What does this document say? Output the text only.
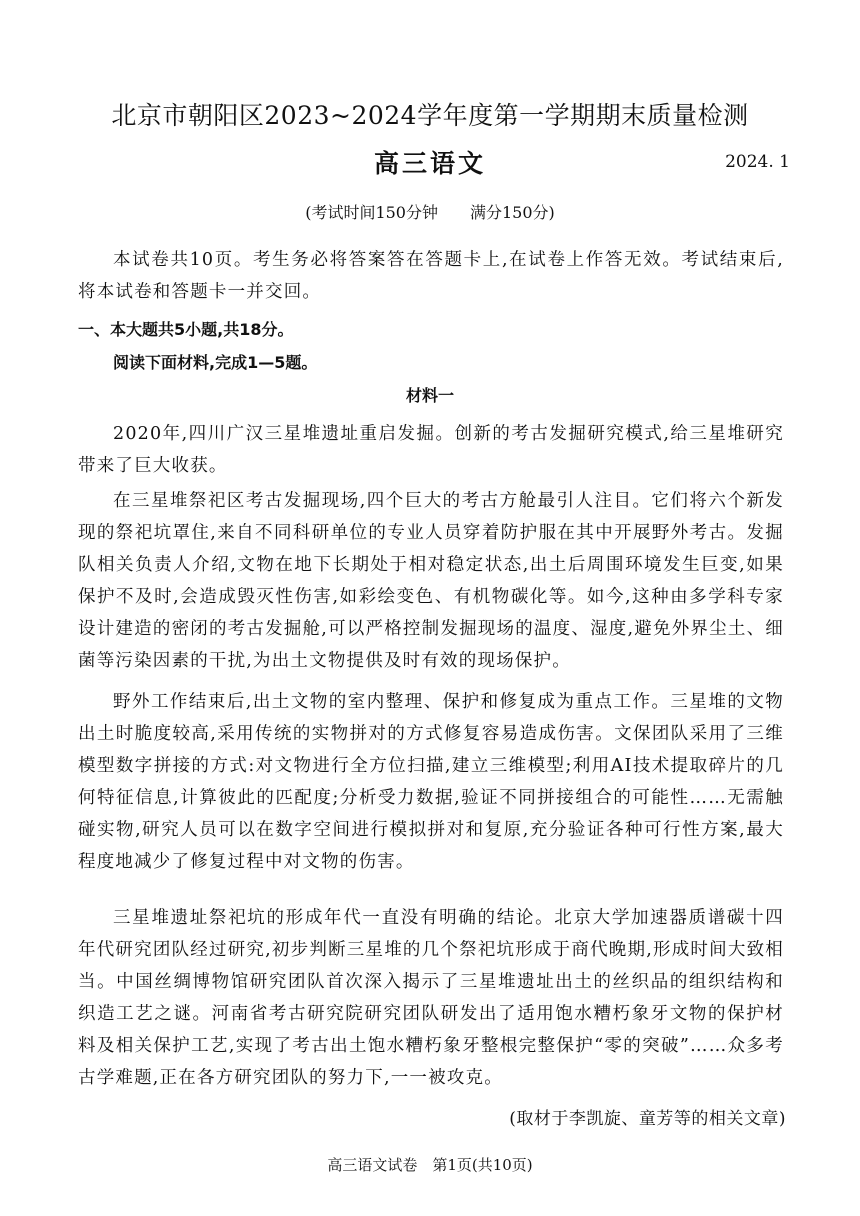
北京市朝阳区2023~2024学年度第一学期期末质量检测
高三语文	2024. 1
(考试时间150分钟　　满分150分)

本试卷共10页。考生务必将答案答在答题卡上,在试卷上作答无效。考试结束后,将本试卷和答题卡一并交回。

一、本大题共5小题,共18分。
阅读下面材料,完成1—5题。
材料一

2020年,四川广汉三星堆遗址重启发掘。创新的考古发掘研究模式,给三星堆研究带来了巨大收获。

在三星堆祭祀区考古发掘现场,四个巨大的考古方舱最引人注目。它们将六个新发现的祭祀坑罩住,来自不同科研单位的专业人员穿着防护服在其中开展野外考古。发掘队相关负责人介绍,文物在地下长期处于相对稳定状态,出土后周围环境发生巨变,如果保护不及时,会造成毁灭性伤害,如彩绘变色、有机物碳化等。如今,这种由多学科专家设计建造的密闭的考古发掘舱,可以严格控制发掘现场的温度、湿度,避免外界尘土、细菌等污染因素的干扰,为出土文物提供及时有效的现场保护。

野外工作结束后,出土文物的室内整理、保护和修复成为重点工作。三星堆的文物出土时脆度较高,采用传统的实物拼对的方式修复容易造成伤害。文保团队采用了三维模型数字拼接的方式:对文物进行全方位扫描,建立三维模型;利用AI技术提取碎片的几何特征信息,计算彼此的匹配度;分析受力数据,验证不同拼接组合的可能性……无需触碰实物,研究人员可以在数字空间进行模拟拼对和复原,充分验证各种可行性方案,最大程度地减少了修复过程中对文物的伤害。

三星堆遗址祭祀坑的形成年代一直没有明确的结论。北京大学加速器质谱碳十四年代研究团队经过研究,初步判断三星堆的几个祭祀坑形成于商代晚期,形成时间大致相当。中国丝绸博物馆研究团队首次深入揭示了三星堆遗址出土的丝织品的组织结构和织造工艺之谜。河南省考古研究院研究团队研发出了适用饱水糟朽象牙文物的保护材料及相关保护工艺,实现了考古出土饱水糟朽象牙整根完整保护“零的突破”……众多考古学难题,正在各方研究团队的努力下,一一被攻克。

(取材于李凯旋、童芳等的相关文章)
高三语文试卷　第1页(共10页)
